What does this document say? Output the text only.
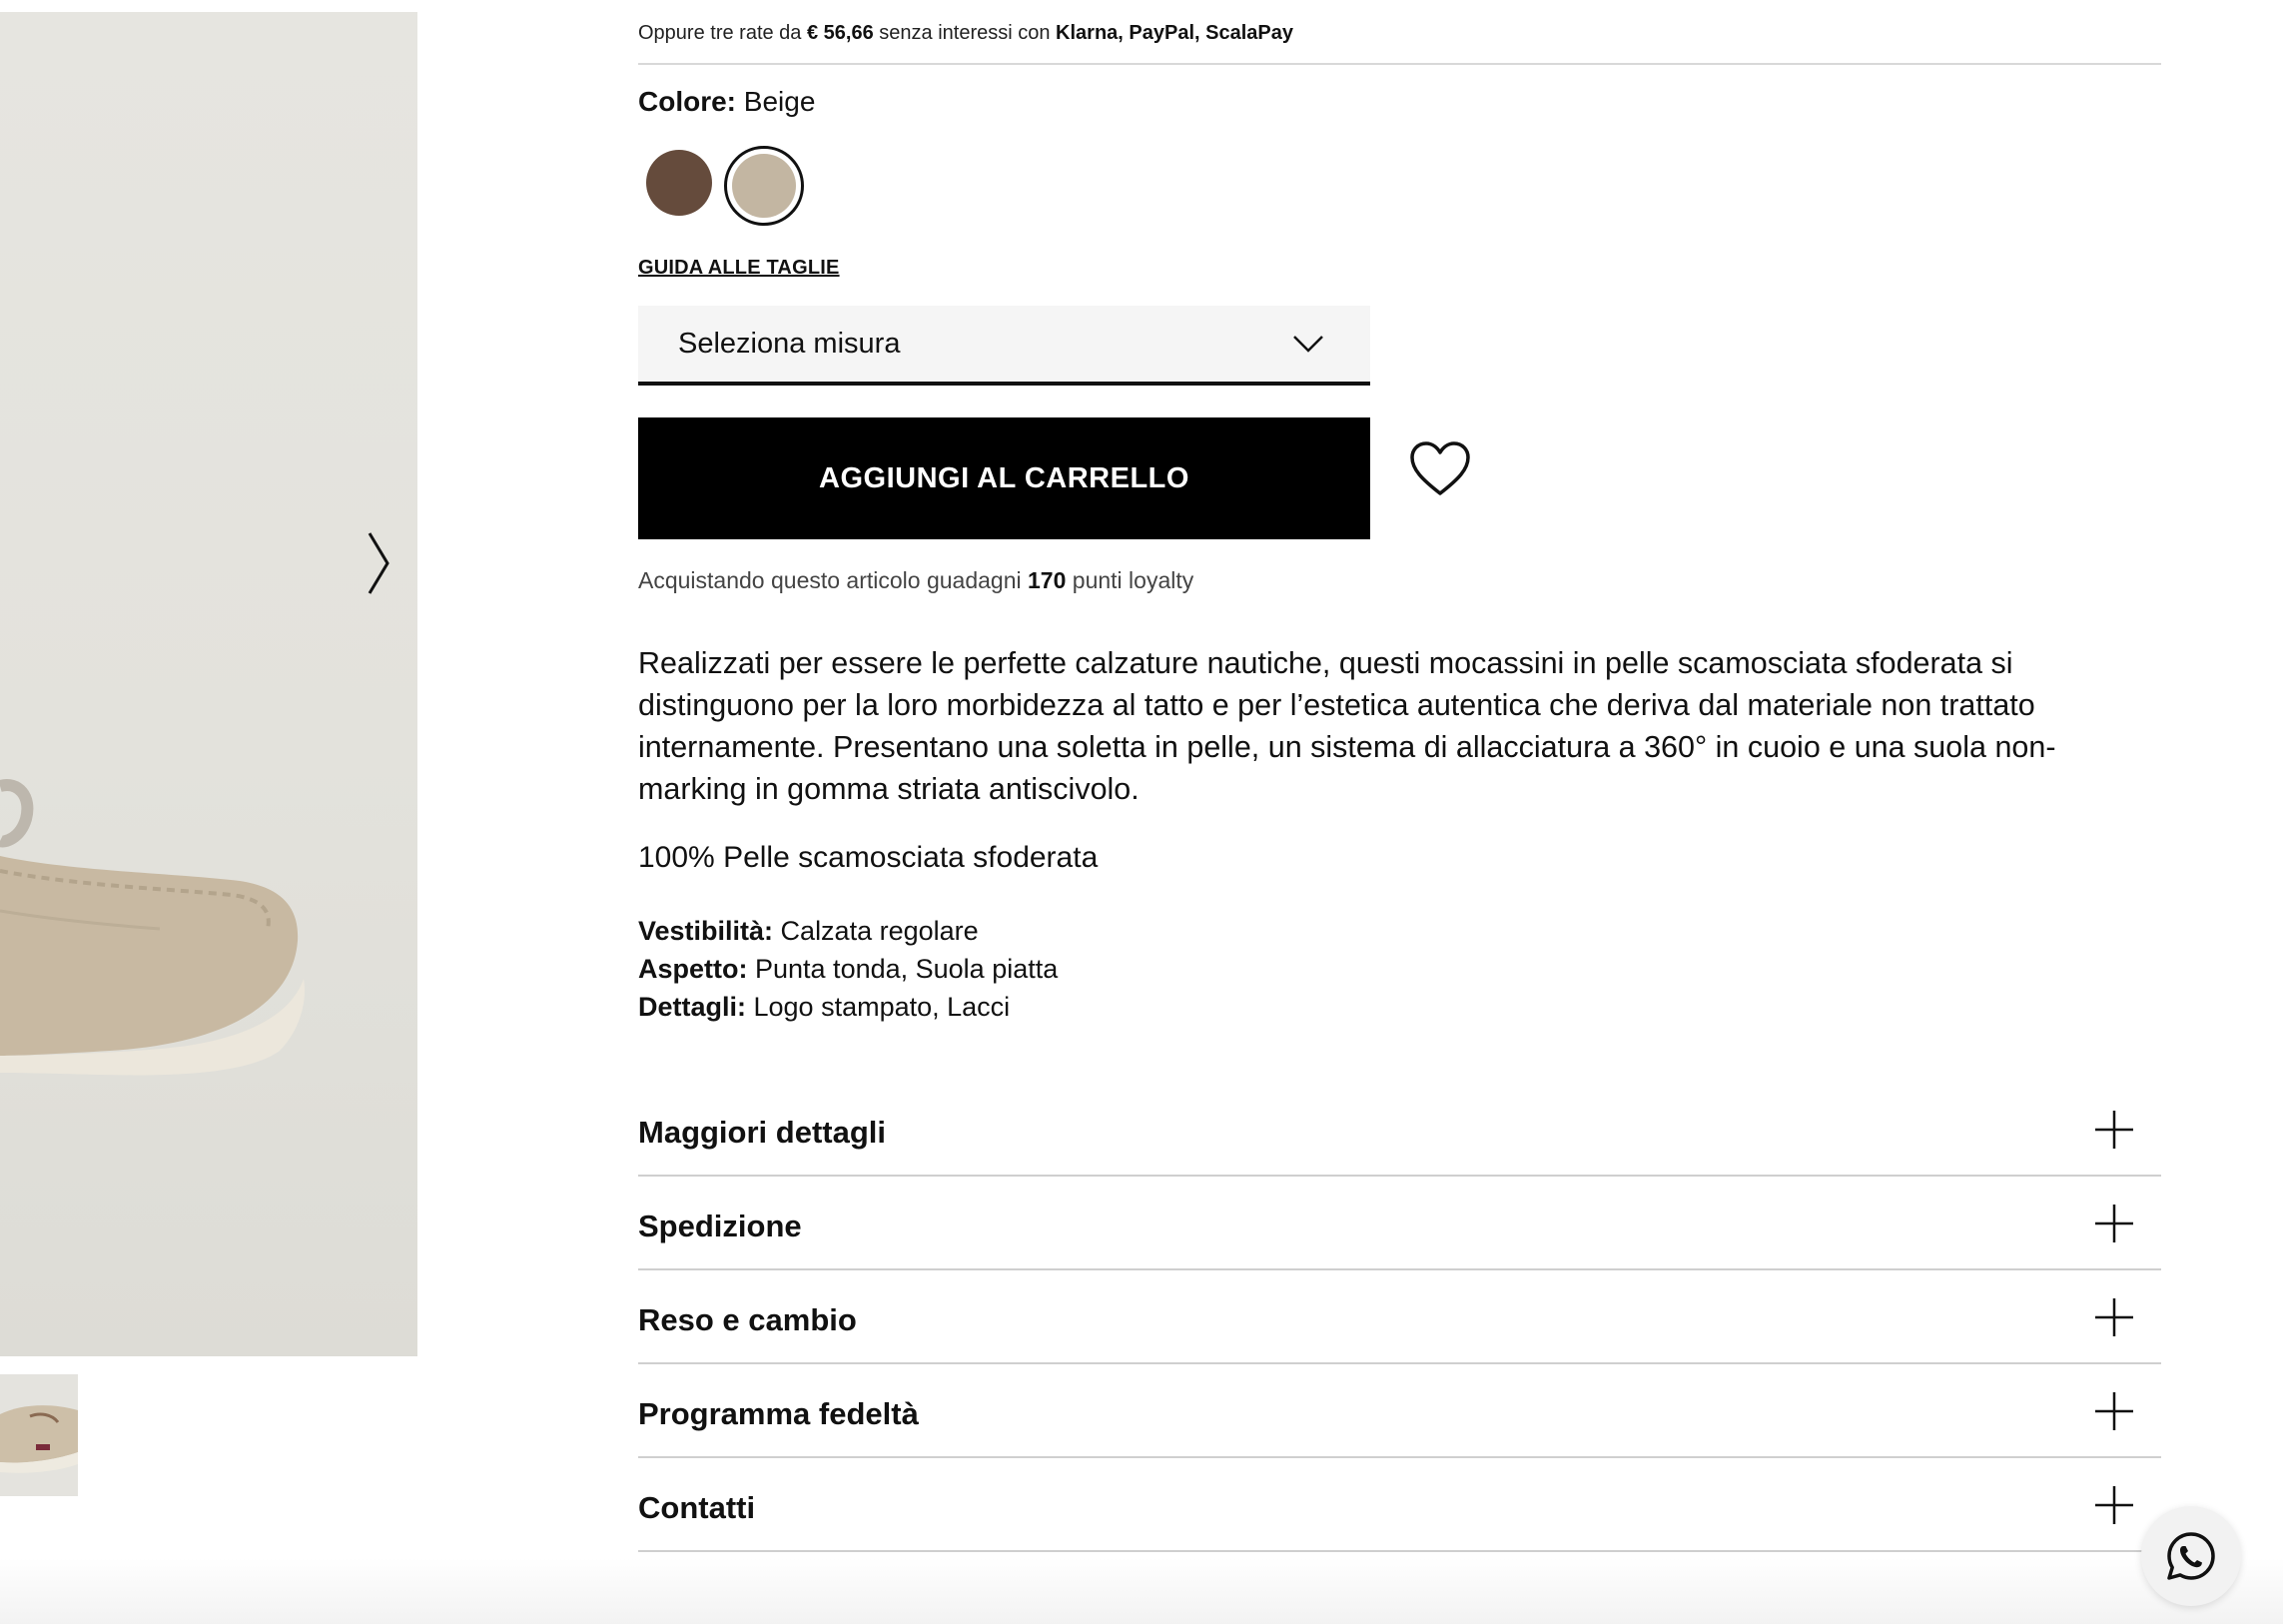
Oppure tre rate da € 56,66 senza interessi con Klarna, PayPal, ScalaPay
Colore: Beige
GUIDA ALLE TAGLIE
Seleziona misura
AGGIUNGI AL CARRELLO
Acquistando questo articolo guadagni 170 punti loyalty

Realizzati per essere le perfette calzature nautiche, questi mocassini in pelle scamosciata sfoderata si distinguono per la loro morbidezza al tatto e per l’estetica autentica che deriva dal materiale non trattato internamente. Presentano una soletta in pelle, un sistema di allacciatura a 360° in cuoio e una suola non-marking in gomma striata antiscivolo.

100% Pelle scamosciata sfoderata
Vestibilità: Calzata regolare
Aspetto: Punta tonda, Suola piatta
Dettagli: Logo stampato, Lacci
Maggiori dettagli
Spedizione
Reso e cambio
Programma fedeltà
Contatti
